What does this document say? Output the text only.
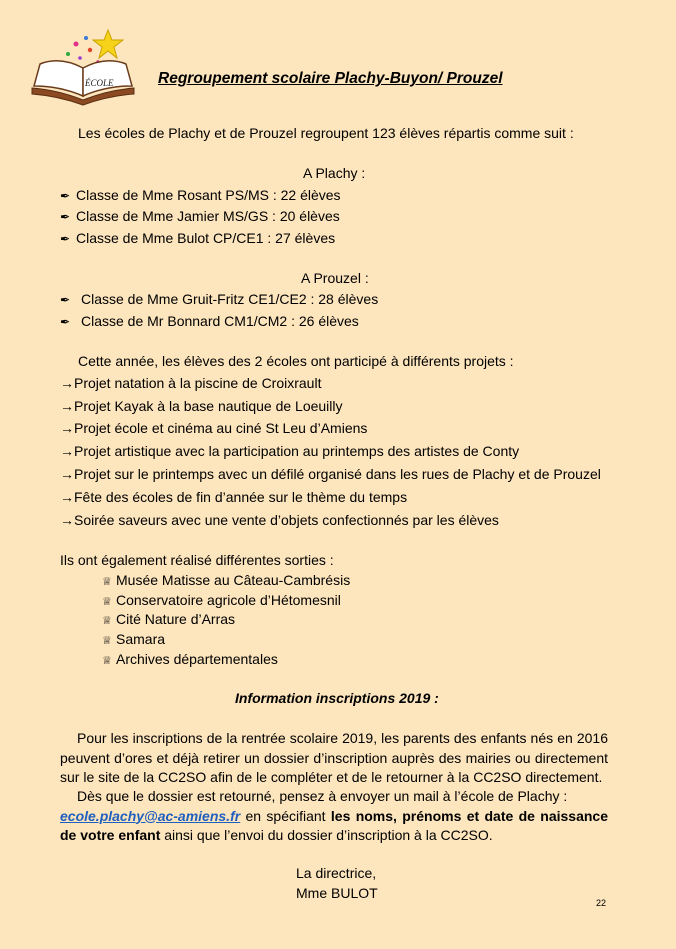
ÉCOLE	Regroupement scolaire Plachy-Buyon/ Prouzel
Les écoles de Plachy et de Prouzel regroupent 123 élèves répartis comme suit :
A Plachy :
✒ Classe de Mme Rosant PS/MS : 22 élèves
✒ Classe de Mme Jamier MS/GS : 20 élèves
✒ Classe de Mme Bulot CP/CE1 : 27 élèves
A Prouzel :
✒ Classe de Mme Gruit-Fritz CE1/CE2 : 28 élèves
✒ Classe de Mr Bonnard CM1/CM2 : 26 élèves
Cette année, les élèves des 2 écoles ont participé à différents projets :
→Projet natation à la piscine de Croixrault
→Projet Kayak à la base nautique de Loeuilly
→Projet école et cinéma au ciné St Leu d’Amiens
→Projet artistique avec la participation au printemps des artistes de Conty
→Projet sur le printemps avec un défilé organisé dans les rues de Plachy et de Prouzel
→Fête des écoles de fin d’année sur le thème du temps
→Soirée saveurs avec une vente d’objets confectionnés par les élèves
Ils ont également réalisé différentes sorties :
♕ Musée Matisse au Câteau-Cambrésis
♕ Conservatoire agricole d’Hétomesnil
♕ Cité Nature d’Arras
♕ Samara
♕ Archives départementales
Information inscriptions 2019 :
Pour les inscriptions de la rentrée scolaire 2019, les parents des enfants nés en 2016 peuvent d’ores et déjà retirer un dossier d’inscription auprès des mairies ou directement sur le site de la CC2SO afin de le compléter et de le retourner à la CC2SO directement.
Dès que le dossier est retourné, pensez à envoyer un mail à l’école de Plachy :
ecole.plachy@ac-amiens.fr en spécifiant les noms, prénoms et date de naissance de votre enfant ainsi que l’envoi du dossier d’inscription à la CC2SO.
La directrice,
Mme BULOT
22
